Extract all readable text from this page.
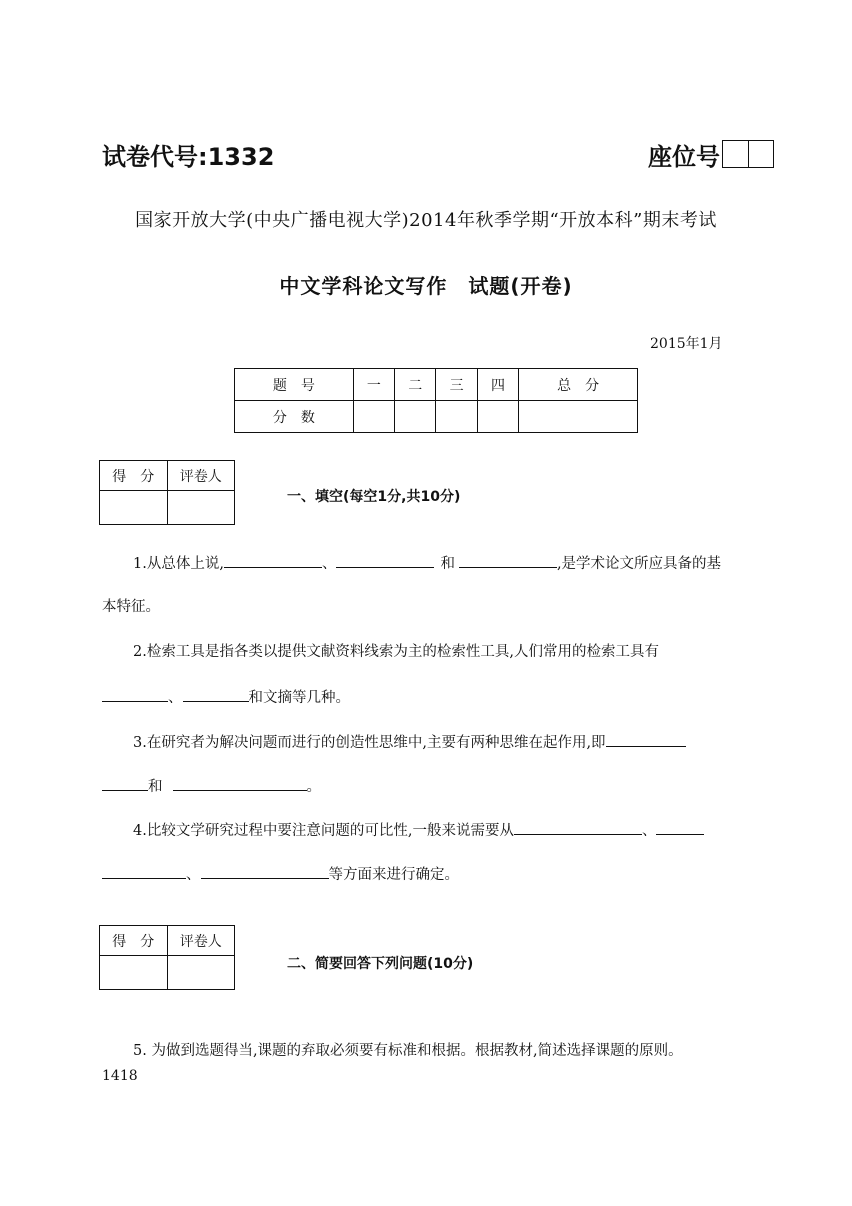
试卷代号:1332	座位号
国家开放大学(中央广播电视大学)2014年秋季学期“开放本科”期末考试
中文学科论文写作　试题(开卷)
2015年1月
题　号	一	二	三	四	总　分
分　数					
得　分	评卷人

一、填空(每空1分,共10分)
1.从总体上说,	、	和	,是学术论文所应具备的基
本特征。
2.检索工具是指各类以提供文献资料线索为主的检索性工具,人们常用的检索工具有
、	和文摘等几种。
3.在研究者为解决问题而进行的创造性思维中,主要有两种思维在起作用,即
和	。
4.比较文学研究过程中要注意问题的可比性,一般来说需要从	、
、	等方面来进行确定。
得　分	评卷人

二、简要回答下列问题(10分)
5. 为做到选题得当,课题的弃取必须要有标准和根据。根据教材,简述选择课题的原则。
1418
